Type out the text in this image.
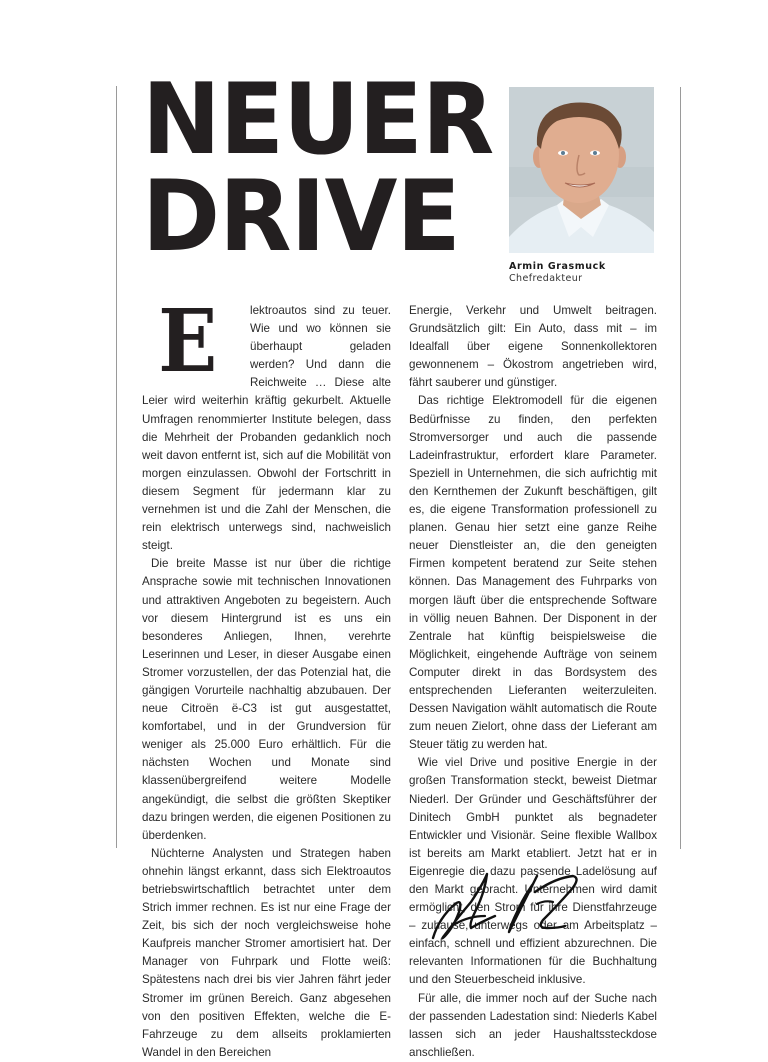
NEUER
DRIVE	Armin Grasmuck
Chefredakteur

E	lektroautos sind zu teuer. Wie und wo können sie überhaupt geladen werden? Und dann die Reichweite … Diese alte Leier wird weiterhin kräftig gekurbelt. Aktuelle Umfragen renommierter Institute belegen, dass die Mehrheit der Probanden gedanklich noch weit davon entfernt ist, sich auf die Mobilität von morgen einzulassen. Obwohl der Fortschritt in diesem Segment für jedermann klar zu vernehmen ist und die Zahl der Menschen, die rein elektrisch unterwegs sind, nachweislich steigt.

Die breite Masse ist nur über die richtige Ansprache sowie mit technischen Innovationen und attraktiven Angeboten zu begeistern. Auch vor diesem Hintergrund ist es uns ein besonderes Anliegen, Ihnen, verehrte Leserinnen und Leser, in dieser Ausgabe einen Stromer vorzustellen, der das Potenzial hat, die gängigen Vorurteile nachhaltig abzubauen. Der neue Citroën ë-C3 ist gut ausgestattet, komfortabel, und in der Grundversion für weniger als 25.000 Euro erhältlich. Für die nächsten Wochen und Monate sind klassenübergreifend weitere Modelle angekündigt, die selbst die größten Skeptiker dazu bringen werden, die eigenen Positionen zu überdenken.

Nüchterne Analysten und Strategen haben ohnehin längst erkannt, dass sich Elektroautos betriebswirtschaftlich betrachtet unter dem Strich immer rechnen. Es ist nur eine Frage der Zeit, bis sich der noch vergleichsweise hohe Kaufpreis mancher Stromer amortisiert hat. Der Manager von Fuhrpark und Flotte weiß: Spätestens nach drei bis vier Jahren fährt jeder Stromer im grünen Bereich. Ganz abgesehen von den positiven Effekten, welche die E-Fahrzeuge zu dem allseits proklamierten Wandel in den Bereichen

Energie, Verkehr und Umwelt beitragen. Grundsätzlich gilt: Ein Auto, dass mit – im Idealfall über eigene Sonnenkollektoren gewonnenem – Ökostrom angetrieben wird, fährt sauberer und günstiger.

Das richtige Elektromodell für die eigenen Bedürfnisse zu finden, den perfekten Stromversorger und auch die passende Ladeinfrastruktur, erfordert klare Parameter. Speziell in Unternehmen, die sich aufrichtig mit den Kernthemen der Zukunft beschäftigen, gilt es, die eigene Transformation professionell zu planen. Genau hier setzt eine ganze Reihe neuer Dienstleister an, die den geneigten Firmen kompetent beratend zur Seite stehen können. Das Management des Fuhrparks von morgen läuft über die entsprechende Software in völlig neuen Bahnen. Der Disponent in der Zentrale hat künftig beispielsweise die Möglichkeit, eingehende Aufträge von seinem Computer direkt in das Bordsystem des entsprechenden Lieferanten weiterzuleiten. Dessen Navigation wählt automatisch die Route zum neuen Zielort, ohne dass der Lieferant am Steuer tätig zu werden hat.

Wie viel Drive und positive Energie in der großen Transformation steckt, beweist Dietmar Niederl. Der Gründer und Geschäftsführer der Dinitech GmbH punktet als begnadeter Entwickler und Visionär. Seine flexible Wallbox ist bereits am Markt etabliert. Jetzt hat er in Eigenregie die dazu passende Ladelösung auf den Markt gebracht. Unternehmen wird damit ermöglicht, den Strom für ihre Dienstfahrzeuge – zuhause, unterwegs oder am Arbeitsplatz – einfach, schnell und effizient abzurechnen. Die relevanten Informationen für die Buchhaltung und den Steuerbescheid inklusive.

Für alle, die immer noch auf der Suche nach der passenden Ladestation sind: Niederls Kabel lassen sich an jeder Haushaltssteckdose anschließen.
